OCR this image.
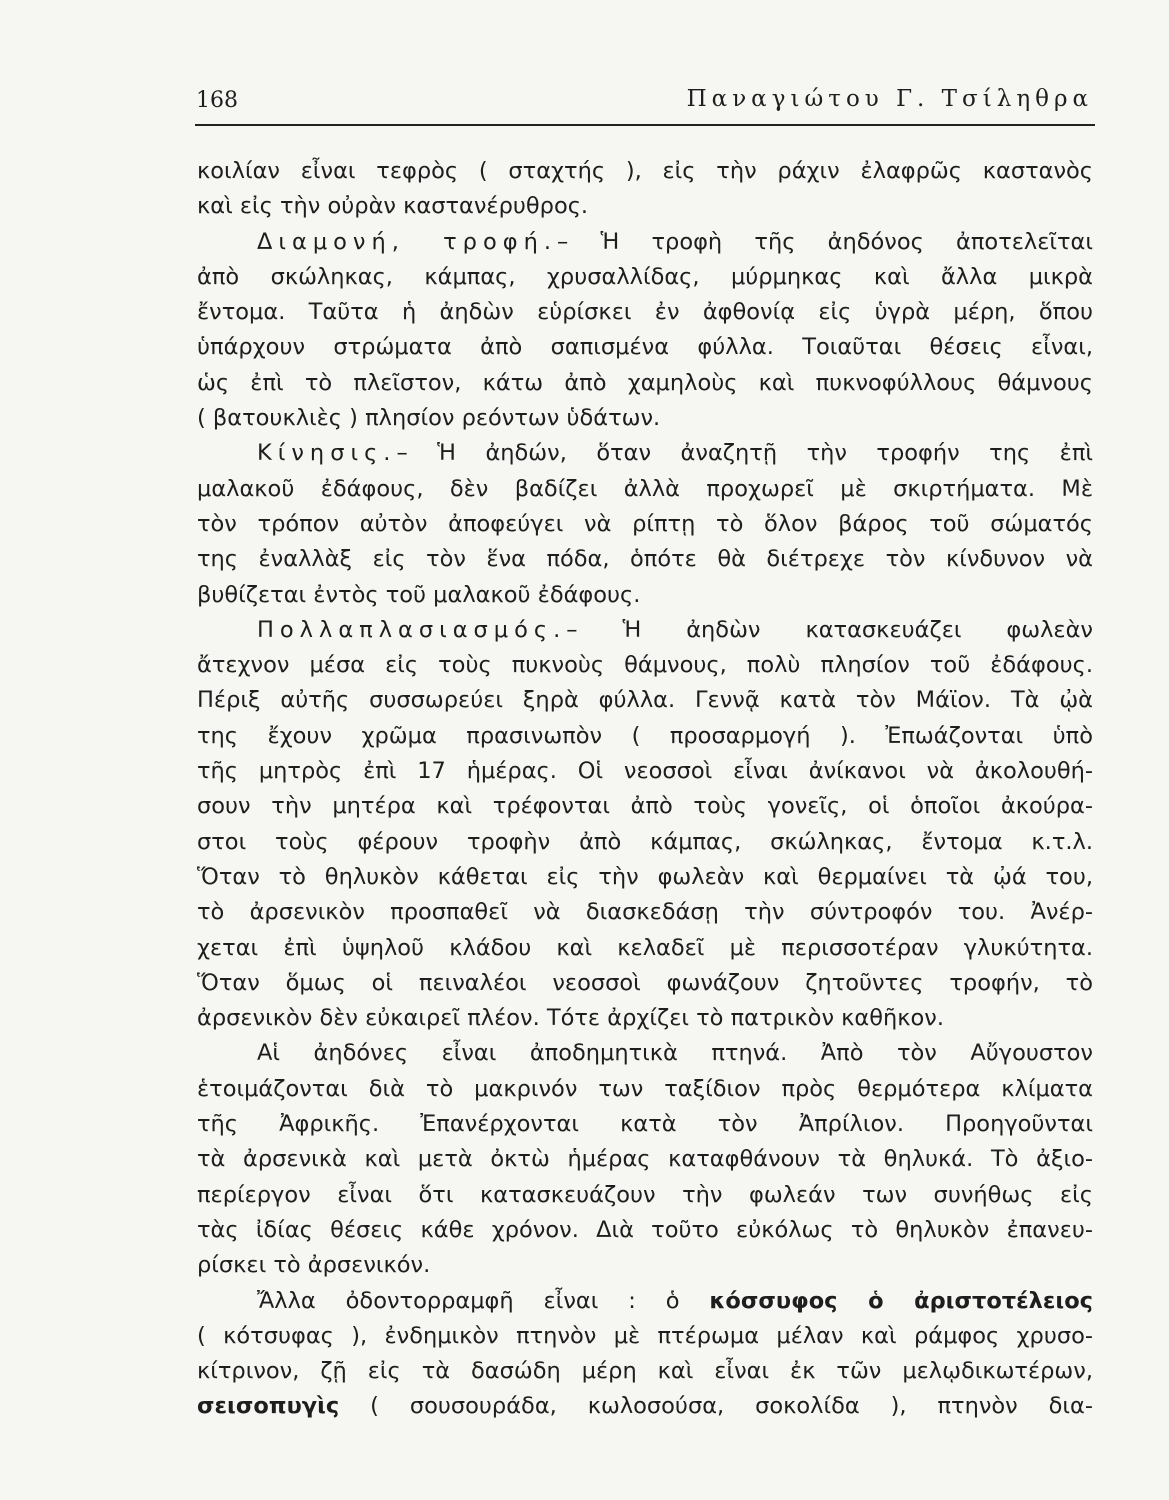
168	Παναγιώτου Γ. Τσίληθρα
κοιλίαν εἶναι τεφρὸς ( σταχτής ), εἰς τὴν ράχιν ἐλαφρῶς καστανὸς
καὶ εἰς τὴν οὐρὰν καστανέρυθρος.
Διαμονή, τροφή.– Ἡ τροφὴ τῆς ἀηδόνος ἀποτελεῖται
ἀπὸ σκώληκας, κάμπας, χρυσαλλίδας, μύρμηκας καὶ ἄλλα μικρὰ
ἔντομα. Ταῦτα ἡ ἀηδὼν εὑρίσκει ἐν ἀφθονίᾳ εἰς ὑγρὰ μέρη, ὅπου
ὑπάρχουν στρώματα ἀπὸ σαπισμένα φύλλα. Τοιαῦται θέσεις εἶναι,
ὡς ἐπὶ τὸ πλεῖστον, κάτω ἀπὸ χαμηλοὺς καὶ πυκνοφύλλους θάμνους
( βατουκλιὲς ) πλησίον ρεόντων ὑδάτων.
Κίνησις.– Ἡ ἀηδών, ὅταν ἀναζητῇ τὴν τροφήν της ἐπὶ
μαλακοῦ ἐδάφους, δὲν βαδίζει ἀλλὰ προχωρεῖ μὲ σκιρτήματα. Μὲ
τὸν τρόπον αὐτὸν ἀποφεύγει νὰ ρίπτῃ τὸ ὅλον βάρος τοῦ σώματός
της ἐναλλὰξ εἰς τὸν ἕνα πόδα, ὁπότε θὰ διέτρεχε τὸν κίνδυνον νὰ
βυθίζεται ἐντὸς τοῦ μαλακοῦ ἐδάφους.
Πολλαπλασιασμός.– Ἡ ἀηδὼν κατασκευάζει φωλεὰν
ἄτεχνον μέσα εἰς τοὺς πυκνοὺς θάμνους, πολὺ πλησίον τοῦ ἐδάφους.
Πέριξ αὐτῆς συσσωρεύει ξηρὰ φύλλα. Γεννᾷ κατὰ τὸν Μάϊον. Τὰ ᾠὰ
της ἔχουν χρῶμα πρασινωπὸν ( προσαρμογή ). Ἐπωάζονται ὑπὸ
τῆς μητρὸς ἐπὶ 17 ἡμέρας. Οἱ νεοσσοὶ εἶναι ἀνίκανοι νὰ ἀκολουθή-
σουν τὴν μητέρα καὶ τρέφονται ἀπὸ τοὺς γονεῖς, οἱ ὁποῖοι ἀκούρα-
στοι τοὺς φέρουν τροφὴν ἀπὸ κάμπας, σκώληκας, ἔντομα κ.τ.λ.
Ὅταν τὸ θηλυκὸν κάθεται εἰς τὴν φωλεὰν καὶ θερμαίνει τὰ ᾠά του,
τὸ ἀρσενικὸν προσπαθεῖ νὰ διασκεδάσῃ τὴν σύντροφόν του. Ἀνέρ-
χεται ἐπὶ ὑψηλοῦ κλάδου καὶ κελαδεῖ μὲ περισσοτέραν γλυκύτητα.
Ὅταν ὅμως οἱ πειναλέοι νεοσσοὶ φωνάζουν ζητοῦντες τροφήν, τὸ
ἀρσενικὸν δὲν εὐκαιρεῖ πλέον. Τότε ἀρχίζει τὸ πατρικὸν καθῆκον.
Αἱ ἀηδόνες εἶναι ἀποδημητικὰ πτηνά. Ἀπὸ τὸν Αὔγουστον
ἑτοιμάζονται διὰ τὸ μακρινόν των ταξίδιον πρὸς θερμότερα κλίματα
τῆς Ἀφρικῆς. Ἐπανέρχονται κατὰ τὸν Ἀπρίλιον. Προηγοῦνται
τὰ ἀρσενικὰ καὶ μετὰ ὀκτὼ ἡμέρας καταφθάνουν τὰ θηλυκά. Τὸ ἀξιο-
περίεργον εἶναι ὅτι κατασκευάζουν τὴν φωλεάν των συνήθως εἰς
τὰς ἰδίας θέσεις κάθε χρόνον. Διὰ τοῦτο εὐκόλως τὸ θηλυκὸν ἐπανευ-
ρίσκει τὸ ἀρσενικόν.
Ἄλλα ὀδοντορραμφῆ εἶναι : ὁ κόσσυφος ὁ ἀριστοτέλειος
( κότσυφας ), ἐνδημικὸν πτηνὸν μὲ πτέρωμα μέλαν καὶ ράμφος χρυσο-
κίτρινον, ζῇ εἰς τὰ δασώδη μέρη καὶ εἶναι ἐκ τῶν μελῳδικωτέρων,
σεισοπυγὶς ( σουσουράδα, κωλοσούσα, σοκολίδα ), πτηνὸν δια-
